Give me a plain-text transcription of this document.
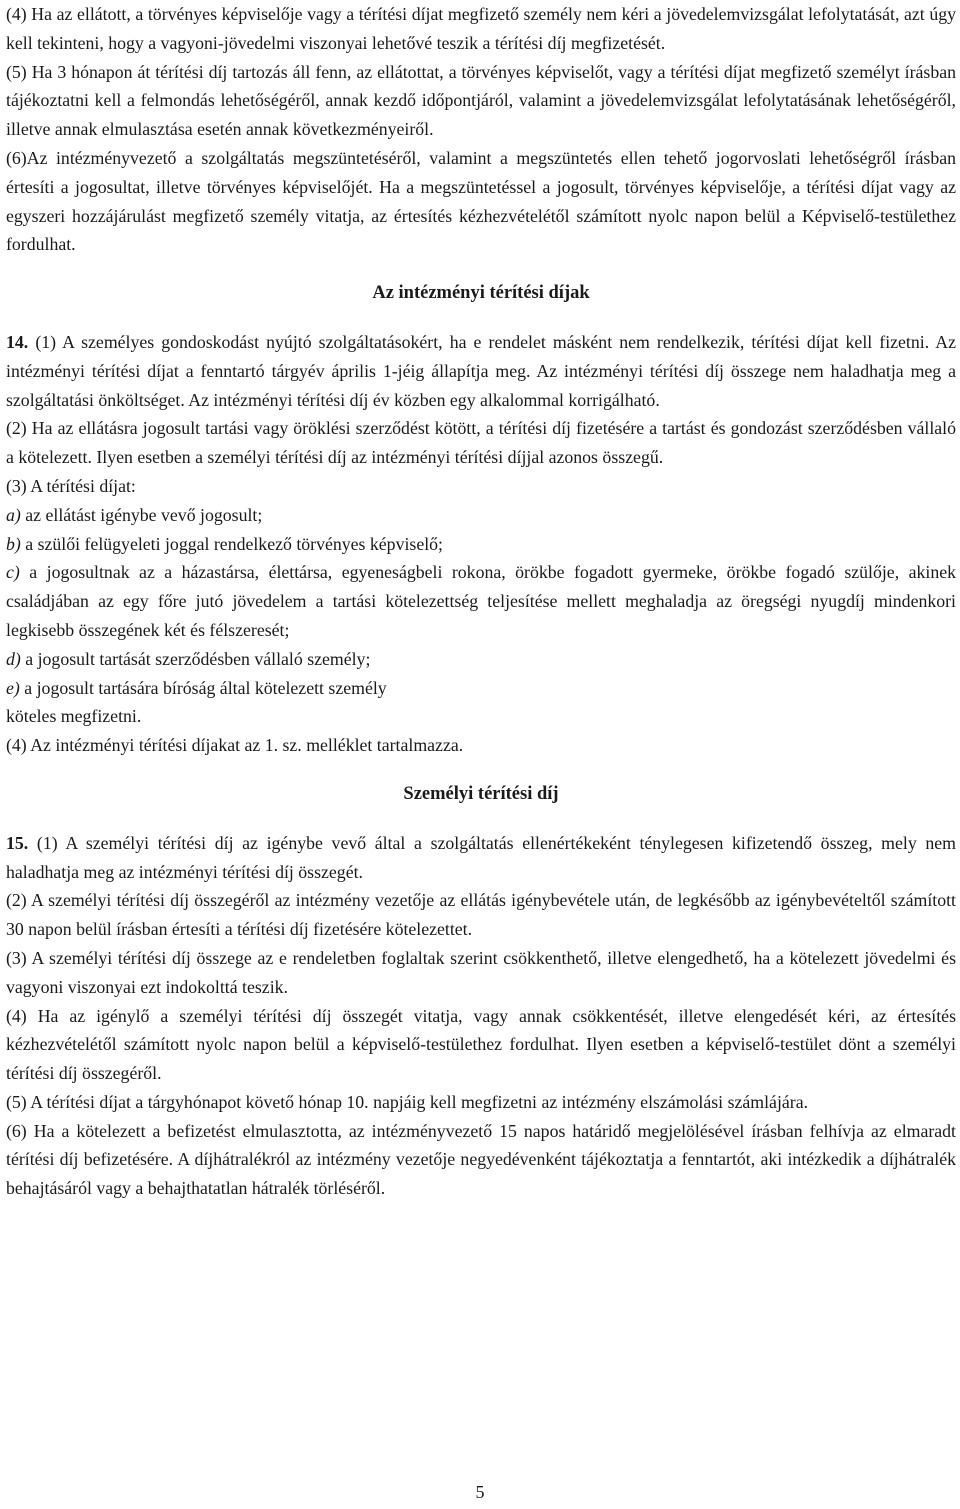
(4) Ha az ellátott, a törvényes képviselője vagy a térítési díjat megfizető személy nem kéri a jövedelemvizsgálat lefolytatását, azt úgy kell tekinteni, hogy a vagyoni-jövedelmi viszonyai lehetővé teszik a térítési díj megfizetését.

(5) Ha 3 hónapon át térítési díj tartozás áll fenn, az ellátottat, a törvényes képviselőt, vagy a térítési díjat megfizető személyt írásban tájékoztatni kell a felmondás lehetőségéről, annak kezdő időpontjáról, valamint a jövedelemvizsgálat lefolytatásának lehetőségéről, illetve annak elmulasztása esetén annak következményeiről.

(6)Az intézményvezető a szolgáltatás megszüntetéséről, valamint a megszüntetés ellen tehető jogorvoslati lehetőségről írásban értesíti a jogosultat, illetve törvényes képviselőjét. Ha a megszüntetéssel a jogosult, törvényes képviselője, a térítési díjat vagy az egyszeri hozzájárulást megfizető személy vitatja, az értesítés kézhezvételétől számított nyolc napon belül a Képviselő-testülethez fordulhat.

Az intézményi térítési díjak

14. (1) A személyes gondoskodást nyújtó szolgáltatásokért, ha e rendelet másként nem rendelkezik, térítési díjat kell fizetni. Az intézményi térítési díjat a fenntartó tárgyév április 1-jéig állapítja meg. Az intézményi térítési díj összege nem haladhatja meg a szolgáltatási önköltséget. Az intézményi térítési díj év közben egy alkalommal korrigálható.

(2) Ha az ellátásra jogosult tartási vagy öröklési szerződést kötött, a térítési díj fizetésére a tartást és gondozást szerződésben vállaló a kötelezett. Ilyen esetben a személyi térítési díj az intézményi térítési díjjal azonos összegű.

(3) A térítési díjat:

a) az ellátást igénybe vevő jogosult;

b) a szülői felügyeleti joggal rendelkező törvényes képviselő;

c) a jogosultnak az a házastársa, élettársa, egyeneságbeli rokona, örökbe fogadott gyermeke, örökbe fogadó szülője, akinek családjában az egy főre jutó jövedelem a tartási kötelezettség teljesítése mellett meghaladja az öregségi nyugdíj mindenkori legkisebb összegének két és félszeresét;

d) a jogosult tartását szerződésben vállaló személy;

e) a jogosult tartására bíróság által kötelezett személy

köteles megfizetni.

(4) Az intézményi térítési díjakat az 1. sz. melléklet tartalmazza.

Személyi térítési díj

15. (1) A személyi térítési díj az igénybe vevő által a szolgáltatás ellenértékeként ténylegesen kifizetendő összeg, mely nem haladhatja meg az intézményi térítési díj összegét.

(2) A személyi térítési díj összegéről az intézmény vezetője az ellátás igénybevétele után, de legkésőbb az igénybevételtől számított 30 napon belül írásban értesíti a térítési díj fizetésére kötelezettet.

(3) A személyi térítési díj összege az e rendeletben foglaltak szerint csökkenthető, illetve elengedhető, ha a kötelezett jövedelmi és vagyoni viszonyai ezt indokolttá teszik.

(4) Ha az igénylő a személyi térítési díj összegét vitatja, vagy annak csökkentését, illetve elengedését kéri, az értesítés kézhezvételétől számított nyolc napon belül a képviselő-testülethez fordulhat. Ilyen esetben a képviselő-testület dönt a személyi térítési díj összegéről.

(5) A térítési díjat a tárgyhónapot követő hónap 10. napjáig kell megfizetni az intézmény elszámolási számlájára.

(6) Ha a kötelezett a befizetést elmulasztotta, az intézményvezető 15 napos határidő megjelölésével írásban felhívja az elmaradt térítési díj befizetésére. A díjhátralékról az intézmény vezetője negyedévenként tájékoztatja a fenntartót, aki intézkedik a díjhátralék behajtásáról vagy a behajthatatlan hátralék törléséről.

5
